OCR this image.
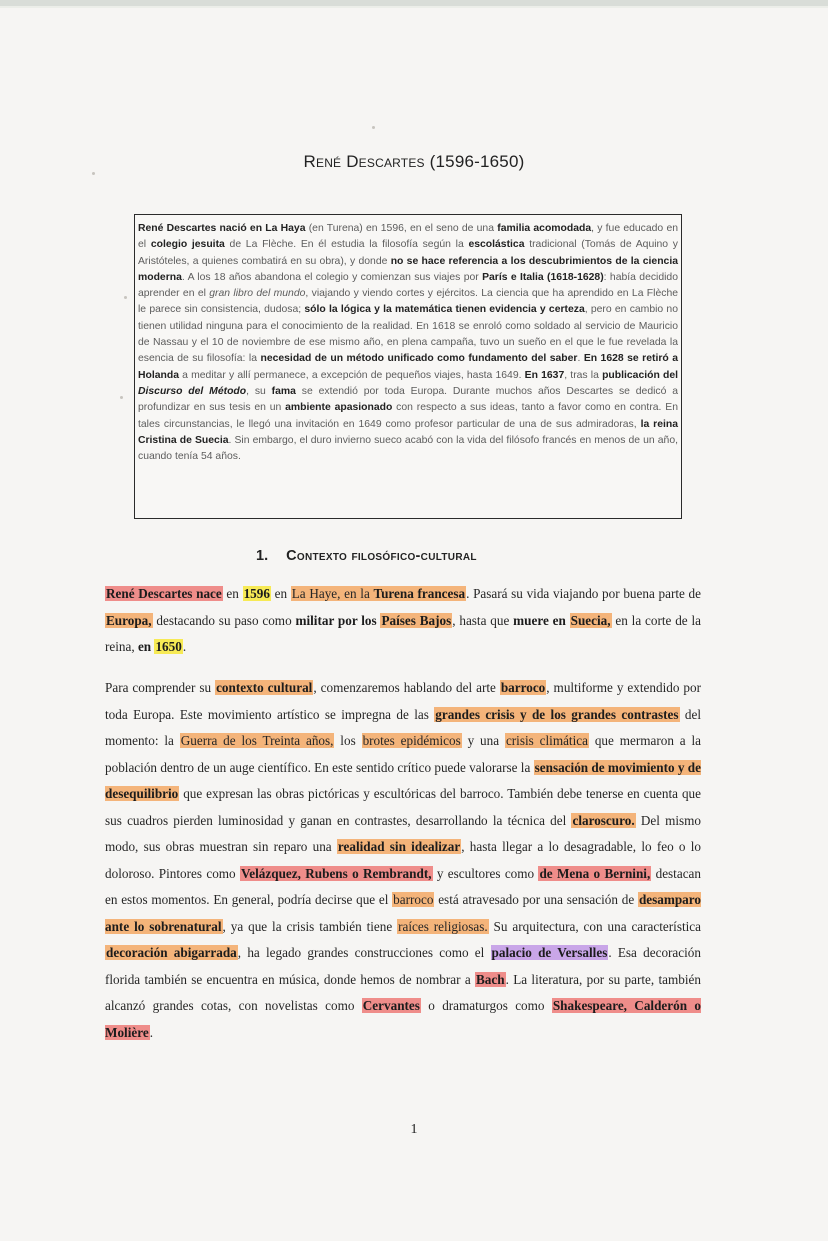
René Descartes (1596-1650)
René Descartes nació en La Haya (en Turena) en 1596, en el seno de una familia acomodada, y fue educado en el colegio jesuita de La Flèche. En él estudia la filosofía según la escolástica tradicional (Tomás de Aquino y Aristóteles, a quienes combatirá en su obra), y donde no se hace referencia a los descubrimientos de la ciencia moderna. A los 18 años abandona el colegio y comienzan sus viajes por París e Italia (1618-1628): había decidido aprender en el gran libro del mundo, viajando y viendo cortes y ejércitos. La ciencia que ha aprendido en La Flèche le parece sin consistencia, dudosa; sólo la lógica y la matemática tienen evidencia y certeza, pero en cambio no tienen utilidad ninguna para el conocimiento de la realidad. En 1618 se enroló como soldado al servicio de Mauricio de Nassau y el 10 de noviembre de ese mismo año, en plena campaña, tuvo un sueño en el que le fue revelada la esencia de su filosofía: la necesidad de un método unificado como fundamento del saber. En 1628 se retiró a Holanda a meditar y allí permanece, a excepción de pequeños viajes, hasta 1649. En 1637, tras la publicación del Discurso del Método, su fama se extendió por toda Europa. Durante muchos años Descartes se dedicó a profundizar en sus tesis en un ambiente apasionado con respecto a sus ideas, tanto a favor como en contra. En tales circunstancias, le llegó una invitación en 1649 como profesor particular de una de sus admiradoras, la reina Cristina de Suecia. Sin embargo, el duro invierno sueco acabó con la vida del filósofo francés en menos de un año, cuando tenía 54 años.
1. Contexto filosófico-cultural
René Descartes nace en 1596 en La Haye, en la Turena francesa. Pasará su vida viajando por buena parte de Europa, destacando su paso como militar por los Países Bajos, hasta que muere en Suecia, en la corte de la reina, en 1650.
Para comprender su contexto cultural, comenzaremos hablando del arte barroco, multiforme y extendido por toda Europa. Este movimiento artístico se impregna de las grandes crisis y de los grandes contrastes del momento: la Guerra de los Treinta años, los brotes epidémicos y una crisis climática que mermaron a la población dentro de un auge científico. En este sentido crítico puede valorarse la sensación de movimiento y de desequilibrio que expresan las obras pictóricas y escultóricas del barroco. También debe tenerse en cuenta que sus cuadros pierden luminosidad y ganan en contrastes, desarrollando la técnica del claroscuro. Del mismo modo, sus obras muestran sin reparo una realidad sin idealizar, hasta llegar a lo desagradable, lo feo o lo doloroso. Pintores como Velázquez, Rubens o Rembrandt, y escultores como de Mena o Bernini, destacan en estos momentos. En general, podría decirse que el barroco está atravesado por una sensación de desamparo ante lo sobrenatural, ya que la crisis también tiene raíces religiosas. Su arquitectura, con una característica decoración abigarrada, ha legado grandes construcciones como el palacio de Versalles. Esa decoración florida también se encuentra en música, donde hemos de nombrar a Bach. La literatura, por su parte, también alcanzó grandes cotas, con novelistas como Cervantes o dramaturgos como Shakespeare, Calderón o Molière.
1
